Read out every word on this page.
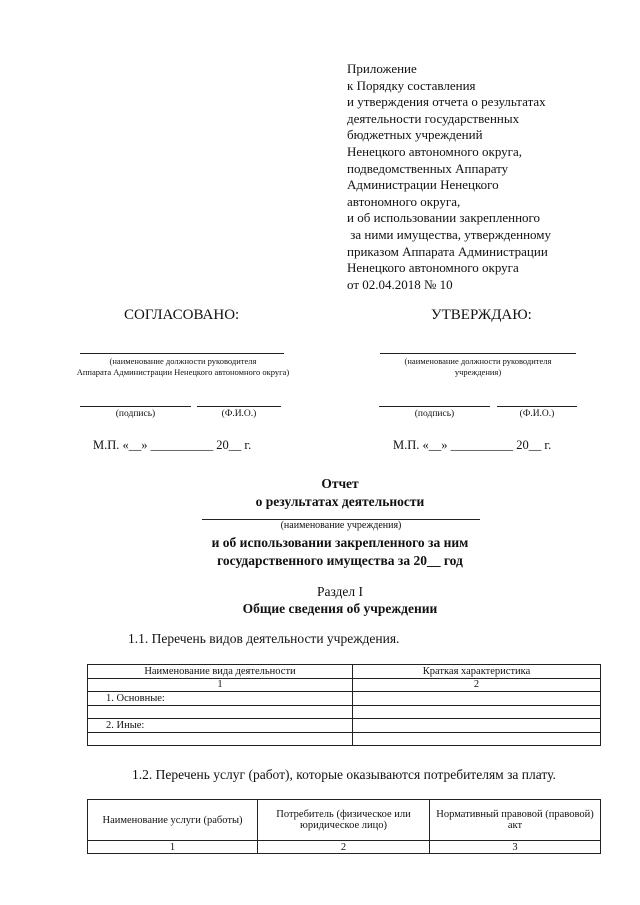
Приложение
к Порядку составления
и утверждения отчета о результатах
деятельности государственных
бюджетных учреждений
Ненецкого автономного округа,
подведомственных Аппарату
Администрации Ненецкого
автономного округа,
и об использовании закрепленного
за ними имущества, утвержденному
приказом Аппарата Администрации
Ненецкого автономного округа
от 02.04.2018 № 10
СОГЛАСОВАНО:	УТВЕРЖДАЮ:
(наименование должности руководителя
Аппарата Администрации Ненецкого автономного округа)
(наименование должности руководителя
учреждения)
(подпись)	(Ф.И.О.)	(подпись)	(Ф.И.О.)
М.П. «__» __________ 20__ г.	М.П. «__» __________ 20__ г.
Отчет
о результатах деятельности
(наименование учреждения)
и об использовании закрепленного за ним
государственного имущества за 20__ год
Раздел I
Общие сведения об учреждении
1.1. Перечень видов деятельности учреждения.
Наименование вида деятельности	Краткая характеристика
1	2
1. Основные:	

2. Иные:	

1.2. Перечень услуг (работ), которые оказываются потребителям за плату.
Наименование услуги (работы)	Потребитель (физическое или юридическое лицо)	Нормативный правовой (правовой) акт
1	2	3
